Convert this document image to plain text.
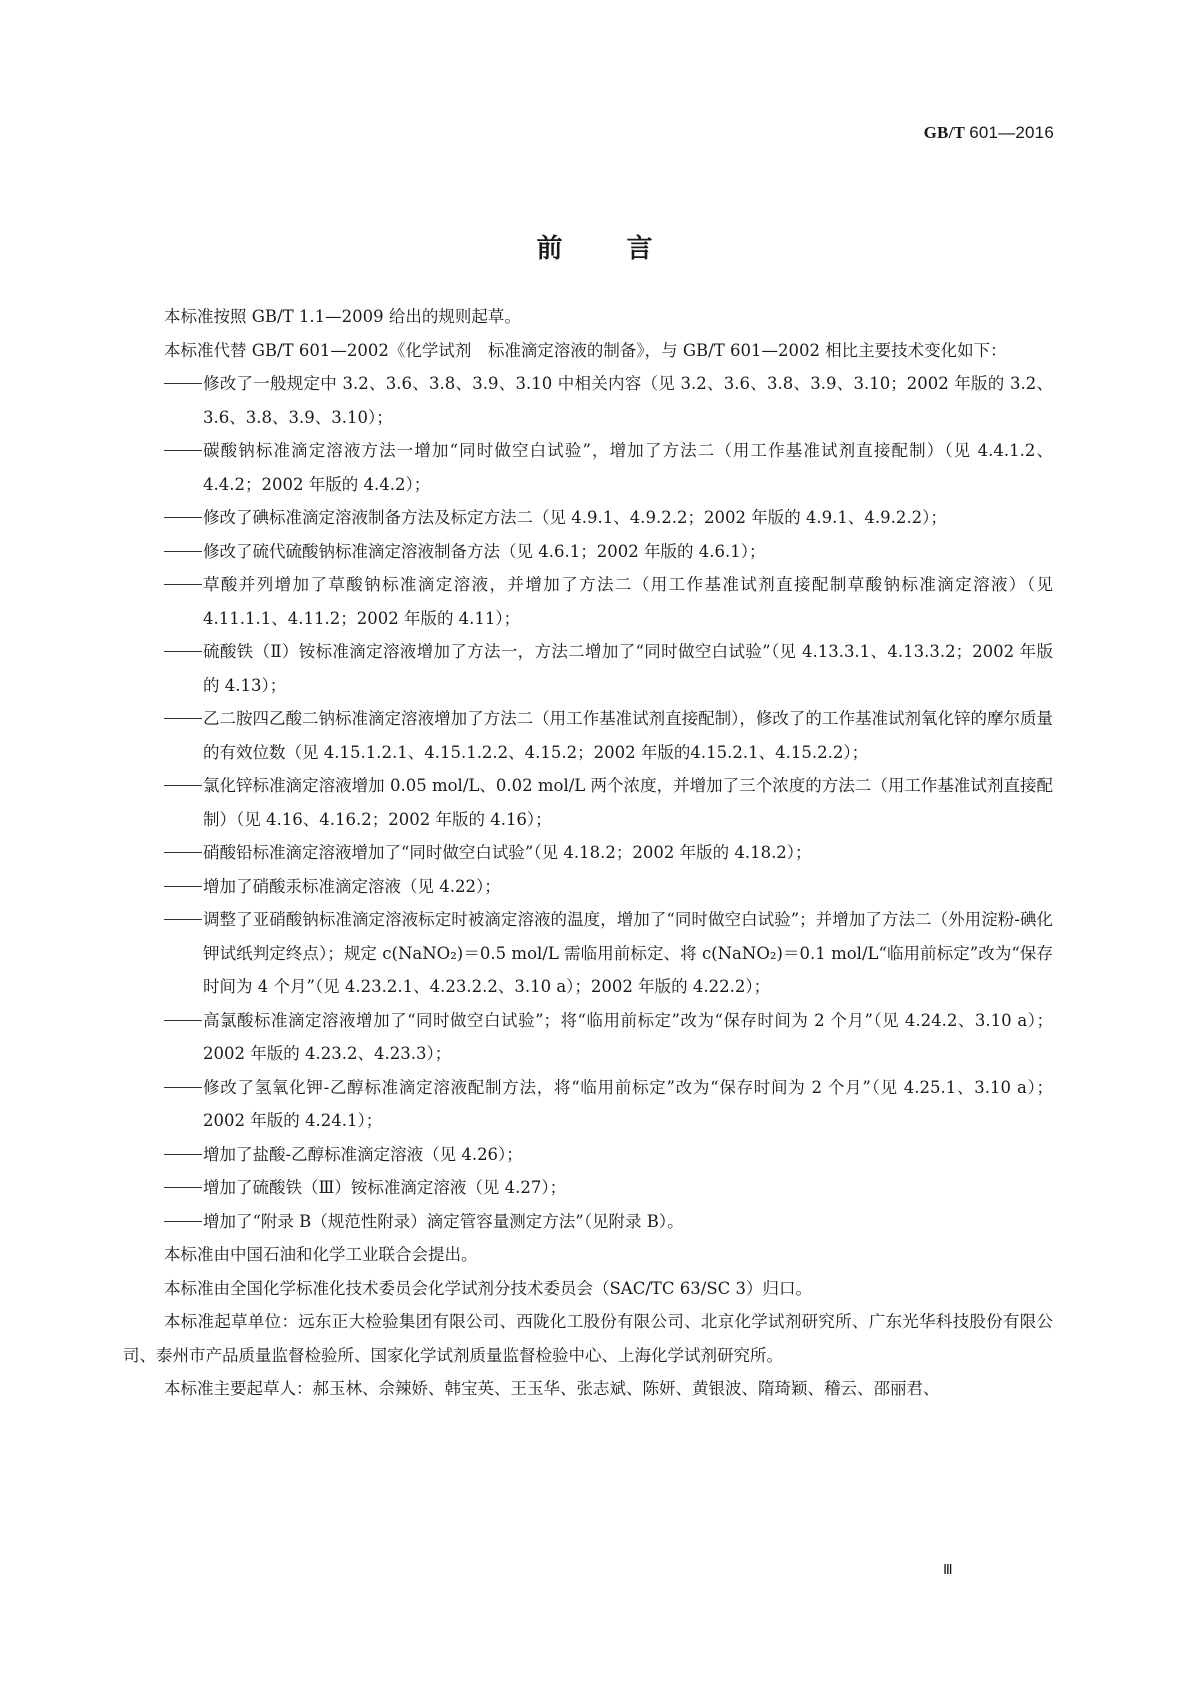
GB/T 601—2016
前 言

本标准按照 GB/T 1.1—2009 给出的规则起草。

本标准代替 GB/T 601—2002《化学试剂　标准滴定溶液的制备》，与 GB/T 601—2002 相比主要技术变化如下：

修改了一般规定中 3.2、3.6、3.8、3.9、3.10 中相关内容（见 3.2、3.6、3.8、3.9、3.10；2002 年版的 3.2、3.6、3.8、3.9、3.10）；

碳酸钠标准滴定溶液方法一增加“同时做空白试验”，增加了方法二（用工作基准试剂直接配制）（见 4.4.1.2、4.4.2；2002 年版的 4.4.2）；

修改了碘标准滴定溶液制备方法及标定方法二（见 4.9.1、4.9.2.2；2002 年版的 4.9.1、4.9.2.2）；

修改了硫代硫酸钠标准滴定溶液制备方法（见 4.6.1；2002 年版的 4.6.1）；

草酸并列增加了草酸钠标准滴定溶液，并增加了方法二（用工作基准试剂直接配制草酸钠标准滴定溶液）（见 4.11.1.1、4.11.2；2002 年版的 4.11）；

硫酸铁（Ⅱ）铵标准滴定溶液增加了方法一，方法二增加了“同时做空白试验”（见 4.13.3.1、4.13.3.2；2002 年版的 4.13）；

乙二胺四乙酸二钠标准滴定溶液增加了方法二（用工作基准试剂直接配制），修改了的工作基准试剂氧化锌的摩尔质量的有效位数（见 4.15.1.2.1、4.15.1.2.2、4.15.2；2002 年版的4.15.2.1、4.15.2.2）；

氯化锌标准滴定溶液增加 0.05 mol/L、0.02 mol/L 两个浓度，并增加了三个浓度的方法二（用工作基准试剂直接配制）（见 4.16、4.16.2；2002 年版的 4.16）；

硝酸铅标准滴定溶液增加了“同时做空白试验”（见 4.18.2；2002 年版的 4.18.2）；

增加了硝酸汞标准滴定溶液（见 4.22）；

调整了亚硝酸钠标准滴定溶液标定时被滴定溶液的温度，增加了“同时做空白试验”；并增加了方法二（外用淀粉-碘化钾试纸判定终点）；规定 c(NaNO₂)＝0.5 mol/L 需临用前标定、将 c(NaNO₂)＝0.1 mol/L“临用前标定”改为“保存时间为 4 个月”（见 4.23.2.1、4.23.2.2、3.10 a）；2002 年版的 4.22.2）；

高氯酸标准滴定溶液增加了“同时做空白试验”；将“临用前标定”改为“保存时间为 2 个月”（见 4.24.2、3.10 a）；2002 年版的 4.23.2、4.23.3）；

修改了氢氧化钾-乙醇标准滴定溶液配制方法，将“临用前标定”改为“保存时间为 2 个月”（见 4.25.1、3.10 a）；2002 年版的 4.24.1）；

增加了盐酸-乙醇标准滴定溶液（见 4.26）；

增加了硫酸铁（Ⅲ）铵标准滴定溶液（见 4.27）；

增加了“附录 B（规范性附录）滴定管容量测定方法”（见附录 B）。

本标准由中国石油和化学工业联合会提出。

本标准由全国化学标准化技术委员会化学试剂分技术委员会（SAC/TC 63/SC 3）归口。

本标准起草单位：远东正大检验集团有限公司、西陇化工股份有限公司、北京化学试剂研究所、广东光华科技股份有限公司、泰州市产品质量监督检验所、国家化学试剂质量监督检验中心、上海化学试剂研究所。

本标准主要起草人：郝玉林、佘辣娇、韩宝英、王玉华、张志斌、陈妍、黄银波、隋琦颖、稽云、邵丽君、

Ⅲ
